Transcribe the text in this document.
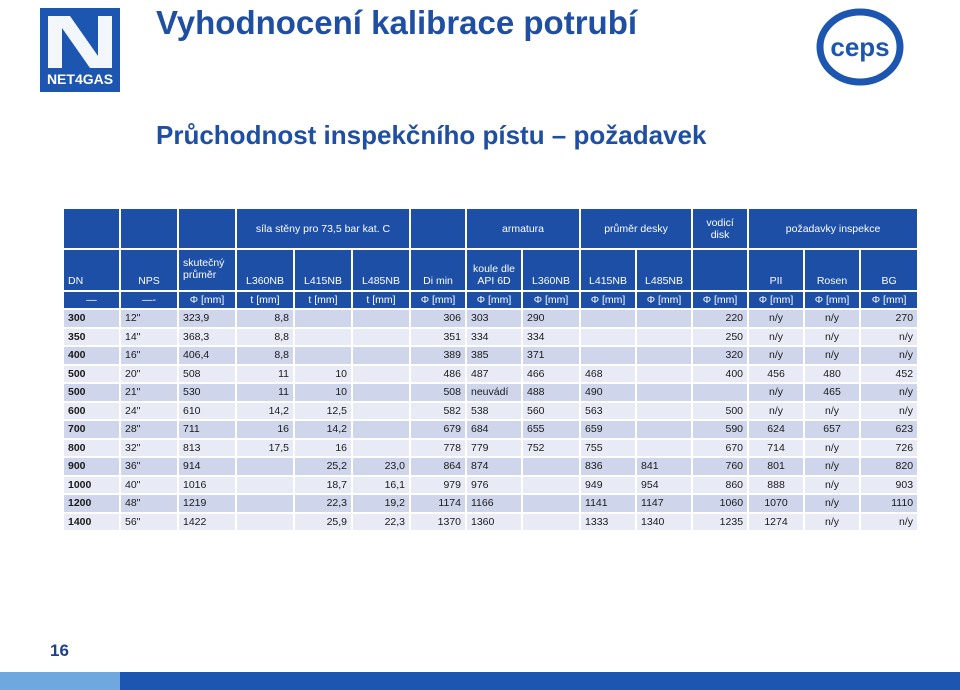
NET4GAS
Vyhodnocení kalibrace potrubí
ceps
Průchodnost inspekčního pístu – požadavek
			síla stěny pro 73,5 bar kat. C				armatura		průměr desky		vodicí disk	požadavky inspekce		
DN	NPS	skutečný průměr	L360NB	L415NB	L485NB	Di min	koule dle API 6D	L360NB	L415NB	L485NB		PII	Rosen	BG
—	—-	Φ [mm]	t [mm]	t [mm]	t [mm]	Φ [mm]	Φ [mm]	Φ [mm]	Φ [mm]	Φ [mm]	Φ [mm]	Φ [mm]	Φ [mm]	Φ [mm]
300	12"	323,9	8,8			306	303	290			220	n/y	n/y	270
350	14"	368,3	8,8			351	334	334			250	n/y	n/y	n/y
400	16"	406,4	8,8			389	385	371			320	n/y	n/y	n/y
500	20"	508	11	10		486	487	466	468		400	456	480	452
500	21"	530	11	10		508	neuvádí	488	490			n/y	465	n/y
600	24"	610	14,2	12,5		582	538	560	563		500	n/y	n/y	n/y
700	28"	711	16	14,2		679	684	655	659		590	624	657	623
800	32"	813	17,5	16		778	779	752	755		670	714	n/y	726
900	36"	914		25,2	23,0	864	874		836	841	760	801	n/y	820
1000	40"	1016		18,7	16,1	979	976		949	954	860	888	n/y	903
1200	48"	1219		22,3	19,2	1174	1166		1141	1147	1060	1070	n/y	1110
1400	56"	1422		25,9	22,3	1370	1360		1333	1340	1235	1274	n/y	n/y
16
